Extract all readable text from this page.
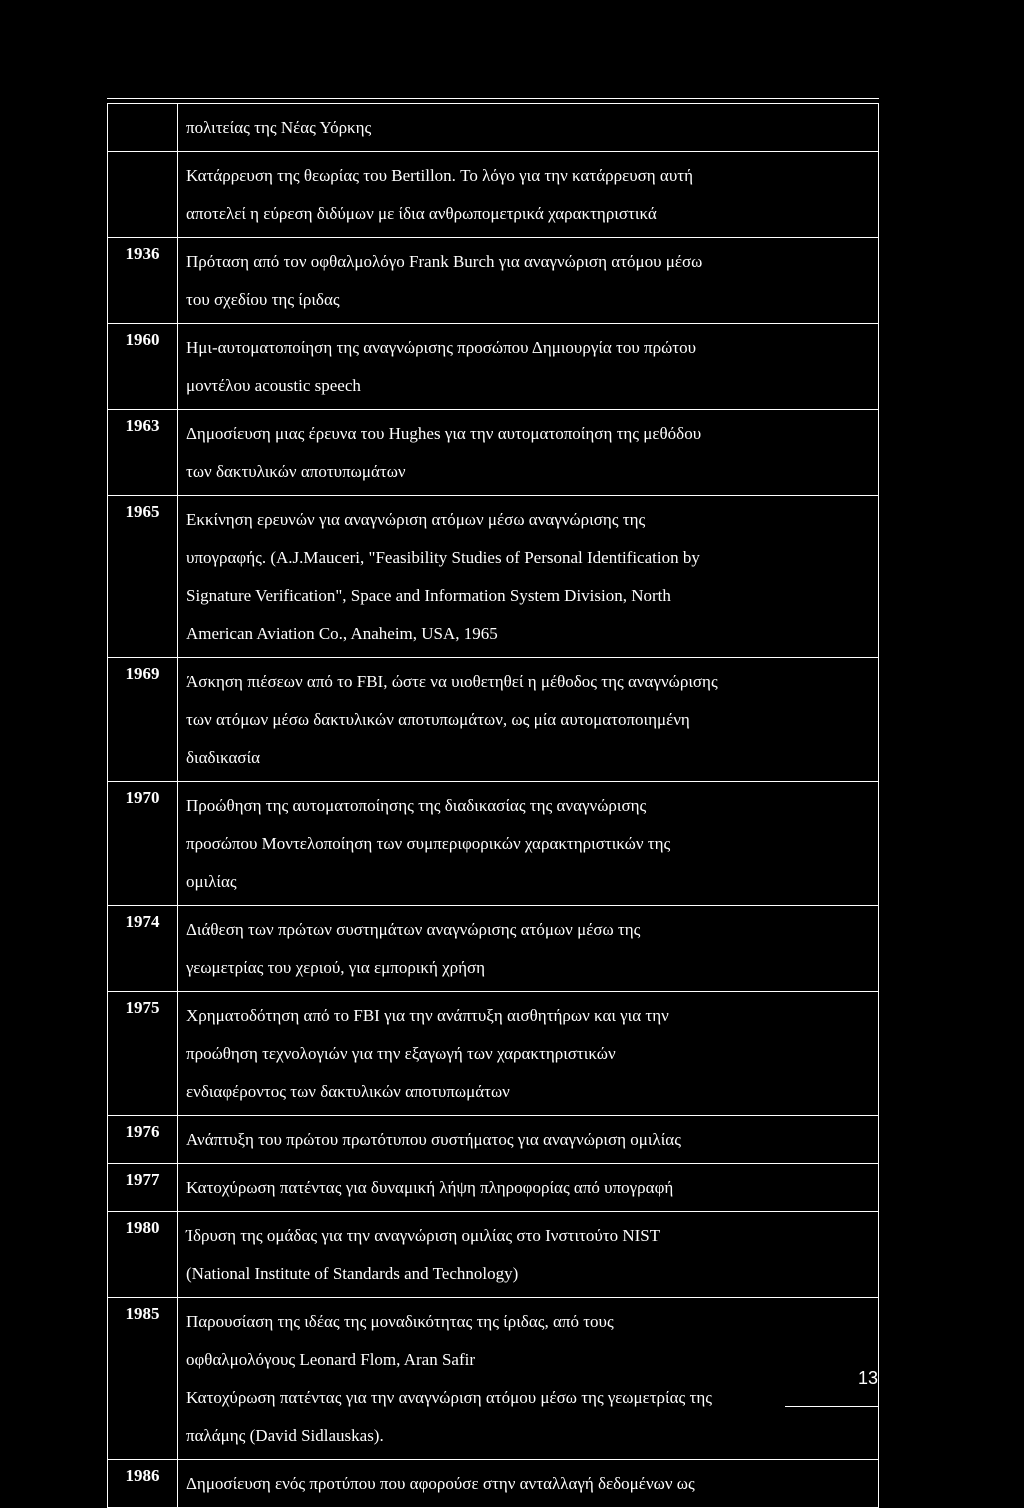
	πολιτείας της Νέας Υόρκης

	Κατάρρευση της θεωρίας του Bertillon. Το λόγο για την κατάρρευση αυτή
αποτελεί η εύρεση διδύμων με ίδια ανθρωπομετρικά χαρακτηριστικά

1936	Πρόταση από τον οφθαλμολόγο Frank Burch για αναγνώριση ατόμου μέσω
του σχεδίου της ίριδας

1960	Ημι-αυτοματοποίηση της αναγνώρισης προσώπου Δημιουργία του πρώτου
μοντέλου acoustic speech

1963	Δημοσίευση μιας έρευνα του Hughes για την αυτοματοποίηση της μεθόδου
των δακτυλικών αποτυπωμάτων

1965	Εκκίνηση ερευνών για αναγνώριση ατόμων μέσω αναγνώρισης της
υπογραφής. (A.J.Mauceri, "Feasibility Studies of Personal Identification by
Signature Verification", Space and Information System Division, North
American Aviation Co., Anaheim, USA, 1965

1969	Άσκηση πιέσεων από το FBI, ώστε να υιοθετηθεί η μέθοδος της αναγνώρισης
των ατόμων μέσω δακτυλικών αποτυπωμάτων, ως μία αυτοματοποιημένη
διαδικασία

1970	Προώθηση της αυτοματοποίησης της διαδικασίας της αναγνώρισης
προσώπου Μοντελοποίηση των συμπεριφορικών χαρακτηριστικών της
ομιλίας

1974	Διάθεση των πρώτων συστημάτων αναγνώρισης ατόμων μέσω της
γεωμετρίας του χεριού, για εμπορική χρήση

1975	Χρηματοδότηση από το FBI για την ανάπτυξη αισθητήρων και για την
προώθηση τεχνολογιών για την εξαγωγή των χαρακτηριστικών
ενδιαφέροντος των δακτυλικών αποτυπωμάτων

1976	Ανάπτυξη του πρώτου πρωτότυπου συστήματος για αναγνώριση ομιλίας

1977	Κατοχύρωση πατέντας για δυναμική λήψη πληροφορίας από υπογραφή

1980	Ίδρυση της ομάδας για την αναγνώριση ομιλίας στο Ινστιτούτο NIST
(National Institute of Standards and Technology)

1985	Παρουσίαση της ιδέας της μοναδικότητας της ίριδας, από τους
οφθαλμολόγους Leonard Flom, Aran Safir
Κατοχύρωση πατέντας για την αναγνώριση ατόμου μέσω της γεωμετρίας της
παλάμης (David Sidlauskas).

1986	Δημοσίευση ενός προτύπου που αφορούσε στην ανταλλαγή δεδομένων ως
13
